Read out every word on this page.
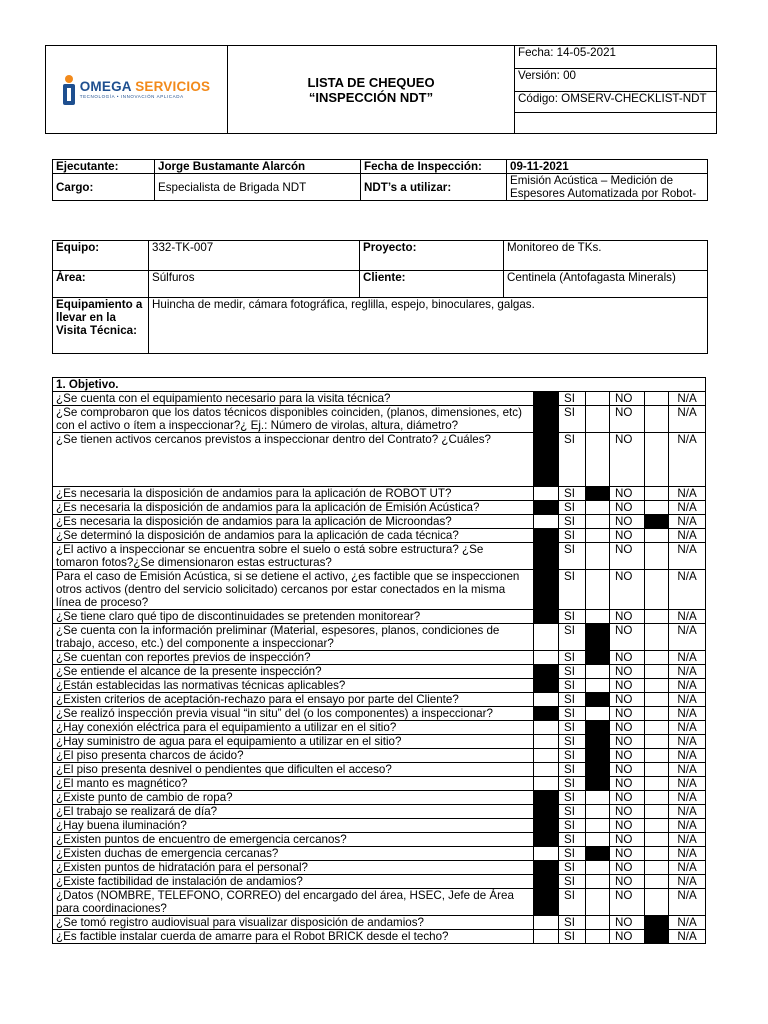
OMEGA SERVICIOS
TECNOLOGÍA • INNOVACIÓN APLICADA

LISTA DE CHEQUEO
“INSPECCIÓN NDT”
	Fecha: 14-05-2021
Versión: 00
Código: OMSERV-CHECKLIST-NDT

Ejecutante:	Jorge Bustamante Alarcón	Fecha de Inspección:	09-11-2021
Cargo:	Especialista de Brigada NDT	NDT’s a utilizar:	Emisión Acústica – Medición de Espesores Automatizada por Robot-
Equipo:	332-TK-007	Proyecto:	Monitoreo de TKs.
Área:	Súlfuros	Cliente:	Centinela (Antofagasta Minerals)
Equipamiento a llevar en la Visita Técnica:	Huincha de medir, cámara fotográfica, reglilla, espejo, binoculares, galgas.		
1. Objetivo.						
¿Se cuenta con el equipamiento necesario para la visita técnica?		SI		NO		N/A
¿Se comprobaron que los datos técnicos disponibles coinciden, (planos, dimensiones, etc) con el activo o ítem a inspeccionar?¿ Ej.: Número de virolas, altura, diámetro?		SI		NO		N/A
¿Se tienen activos cercanos previstos a inspeccionar dentro del Contrato? ¿Cuáles?		SI		NO		N/A
¿Es necesaria la disposición de andamios para la aplicación de ROBOT UT?		SI		NO		N/A
¿Es necesaria la disposición de andamios para la aplicación de Emisión Acústica?		SI		NO		N/A
¿Es necesaria la disposición de andamios para la aplicación de Microondas?		SI		NO		N/A
¿Se determinó la disposición de andamios para la aplicación de cada técnica?		SI		NO		N/A
¿El activo a inspeccionar se encuentra sobre el suelo o está sobre estructura? ¿Se tomaron fotos?¿Se dimensionaron estas estructuras?		SI		NO		N/A
Para el caso de Emisión Acústica, si se detiene el activo, ¿es factible que se inspeccionen otros activos (dentro del servicio solicitado) cercanos por estar conectados en la misma línea de proceso?		SI		NO		N/A
¿Se tiene claro qué tipo de discontinuidades se pretenden monitorear?		SI		NO		N/A
¿Se cuenta con la información preliminar (Material, espesores, planos, condiciones de trabajo, acceso, etc.) del componente a inspeccionar?		SI		NO		N/A
¿Se cuentan con reportes previos de inspección?		SI		NO		N/A
¿Se entiende el alcance de la presente inspección?		SI		NO		N/A
¿Están establecidas las normativas técnicas aplicables?		SI		NO		N/A
¿Existen criterios de aceptación-rechazo para el ensayo por parte del Cliente?		SI		NO		N/A
¿Se realizó inspección previa visual “in situ” del (o los componentes) a inspeccionar?		SI		NO		N/A
¿Hay conexión eléctrica para el equipamiento a utilizar en el sitio?		SI		NO		N/A
¿Hay suministro de agua para el equipamiento a utilizar en el sitio?		SI		NO		N/A
¿El piso presenta charcos de ácido?		SI		NO		N/A
¿El piso presenta desnivel o pendientes que dificulten el acceso?		SI		NO		N/A
¿El manto es magnético?		SI		NO		N/A
¿Existe punto de cambio de ropa?		SI		NO		N/A
¿El trabajo se realizará de día?		SI		NO		N/A
¿Hay buena iluminación?		SI		NO		N/A
¿Existen puntos de encuentro de emergencia cercanos?		SI		NO		N/A
¿Existen duchas de emergencia cercanas?		SI		NO		N/A
¿Existen puntos de hidratación para el personal?		SI		NO		N/A
¿Existe factibilidad de instalación de andamios?		SI		NO		N/A
¿Datos (NOMBRE, TELEFONO, CORREO) del encargado del área, HSEC, Jefe de Área para coordinaciones?		SI		NO		N/A
¿Se tomó registro audiovisual para visualizar disposición de andamios?		SI		NO		N/A
¿Es factible instalar cuerda de amarre para el Robot BRICK desde el techo?		SI		NO		N/A
